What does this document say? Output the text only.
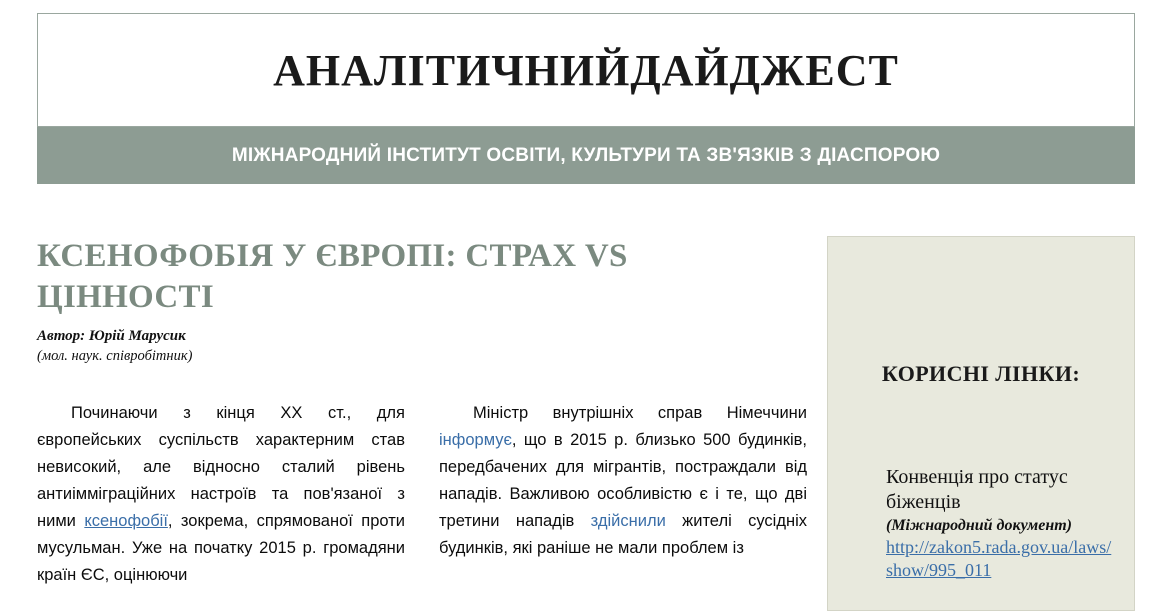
АНАЛІТИЧНИЙДАЙДЖЕСТ
МІЖНАРОДНИЙ ІНСТИТУТ ОСВІТИ, КУЛЬТУРИ ТА ЗВ'ЯЗКІВ З ДІАСПОРОЮ
КСЕНОФОБІЯ У ЄВРОПІ: СТРАХ VS ЦІННОСТІ
Автор: Юрій Марусик
(мол. наук. співробітник)

Починаючи з кінця XX ст., для європейських суспільств характерним став невисокий, але відносно сталий рівень антиімміграційних настроїв та пов'язаної з ними ксенофобії, зокрема, спрямованої проти мусульман. Уже на початку 2015 р. громадяни країн ЄС, оцінюючи

Міністр внутрішніх справ Німеччини інформує, що в 2015 р. близько 500 будинків, передбачених для мігрантів, постраждали від нападів. Важливою особливістю є і те, що дві третини нападів здійснили жителі сусідніх будинків, які раніше не мали проблем із

КОРИСНІ ЛІНКИ:
Конвенція про статус біженців
(Міжнародний документ)
http://zakon5.rada.gov.ua/laws/show/995_011
